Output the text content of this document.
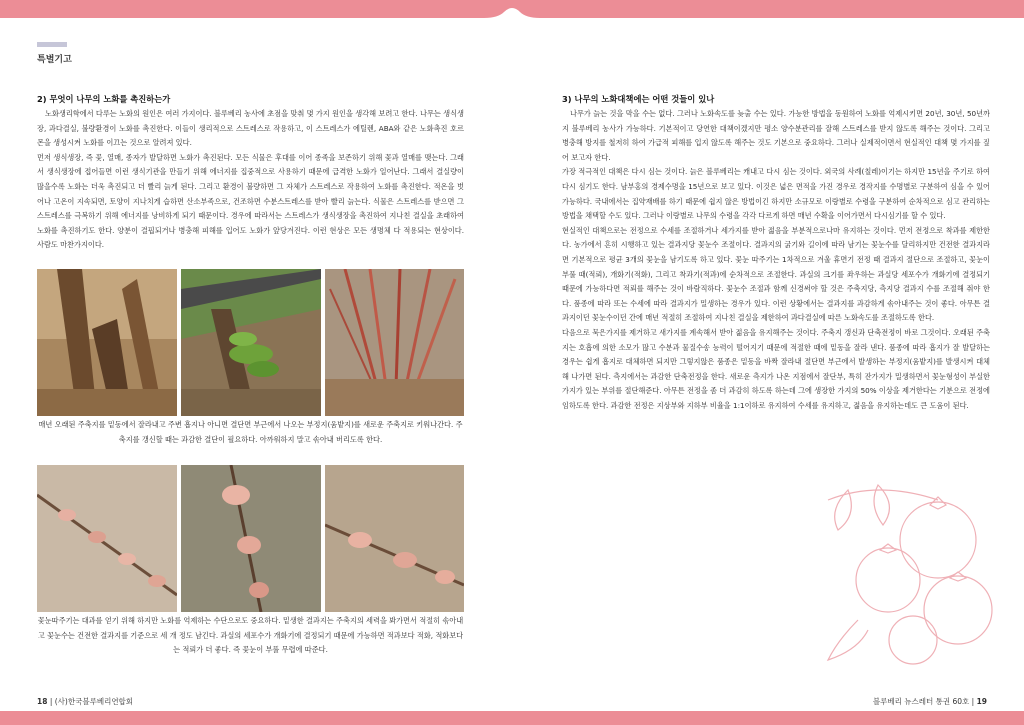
특별기고
2) 무엇이 나무의 노화를 촉진하는가

노화생리학에서 다루는 노화의 원인은 여러 가지이다. 블루베리 농사에 초점을 맞춰 몇 가지 원인을 생각해 보려고 한다. 나무는 생식생장, 과다결실, 불량환경이 노화를 촉진한다. 이들이 생리적으로 스트레스로 작용하고, 이 스트레스가 에틸렌, ABA와 같은 노화촉진 호르몬을 생성시켜 노화를 이끄는 것으로 알려져 있다.

먼저 생식생장, 즉 꽃, 열매, 종자가 발달하면 노화가 촉진된다. 모든 식물은 후대를 이어 종족을 보존하기 위해 꽃과 열매를 맺는다. 그래서 생식생장에 접어들면 이런 생식기관을 만들기 위해 에너지를 집중적으로 사용하기 때문에 급격한 노화가 일어난다. 그래서 결실량이 많을수록 노화는 더욱 촉진되고 더 빨리 늙게 된다. 그리고 환경이 불량하면 그 자체가 스트레스로 작용하여 노화를 촉진한다. 적온을 벗어나 고온이 지속되면, 토양이 지나치게 습하면 산소부족으로, 건조하면 수분스트레스를 받아 빨리 늙는다. 식물은 스트레스를 받으면 그 스트레스를 극복하기 위해 에너지를 낭비하게 되기 때문이다. 경우에 따라서는 스트레스가 생식생장을 촉진하여 지나친 결실을 초래하여 노화를 촉진하기도 한다. 양분이 결핍되거나 병충해 피해를 입어도 노화가 앞당겨진다. 이런 현상은 모든 생명체 다 적용되는 현상이다. 사람도 마찬가지이다.

매년 오래된 주축지를 밑동에서 잘라내고 주변 흡지나 아니면 결단면 부근에서 나오는 부정지(움밭지)를 새로운 주축지로 키워나간다. 주축지를 갱신할 때는 과감한 결단이 필요하다. 아까워하지 말고 솎아내 버리도록 한다.
꽃눈따주기는 대과를 얻기 위해 하지만 노화를 억제하는 수단으로도 중요하다. 밑생한 결과지는 주축지의 세력을 봐가면서 적절히 솎아내고 꽃눈수는 건전한 결과지를 기준으로 세 개 정도 남긴다. 과실의 세포수가 개화기에 결정되기 때문에 가능하면 적과보다 적화, 적화보다는 적뢰가 더 좋다. 즉 꽃눈이 부풀 무렵에 따준다.
3) 나무의 노화대책에는 어떤 것들이 있나

나무가 늙는 것을 막을 수는 없다. 그러나 노화속도를 늦출 수는 있다. 가능한 방법을 동원하여 노화를 억제시키면 20년, 30년, 50년까지 블루베리 농사가 가능하다. 기본적이고 당연한 대책이겠지만 평소 양수분관리를 잘해 스트레스를 받지 않도록 해주는 것이다. 그리고 병충해 방지를 철저히 하여 가급적 피해를 입지 않도록 해주는 것도 기본으로 중요하다. 그러나 실제적이면서 현실적인 대책 몇 가지를 짚어 보고자 한다.

가장 적극적인 대책은 다시 심는 것이다. 늙은 블루베리는 캐내고 다시 심는 것이다. 외국의 사례(칠레)이기는 하지만 15년을 주기로 하여 다시 심기도 한다. 남부홍의 경제수명을 15년으로 보고 있다. 이것은 넓은 면적을 가진 경우로 경작지를 수명별로 구분하여 심을 수 있어 가능하다. 국내에서는 집약재배를 하기 때문에 쉽지 않은 방법이긴 하지만 소규모로 이랑별로 수령을 구분하여 순차적으로 심고 관리하는 방법을 채택할 수도 있다. 그러나 이랑별로 나무의 수령을 각각 다르게 하면 매년 수확을 이어가면서 다시심기를 할 수 있다.

현실적인 대책으로는 전정으로 수세를 조절하거나 세가지를 받아 젊음을 부분적으로나마 유지하는 것이다. 먼저 전정으로 착과를 제한한다. 농가에서 흔히 시행하고 있는 결과지당 꽃눈수 조절이다. 결과지의 굵기와 길이에 따라 남기는 꽃눈수를 달리하지만 건전한 결과지라면 기본적으로 평균 3개의 꽃눈을 남기도록 하고 있다. 꽃눈 따주기는 1차적으로 겨울 휴면기 전정 때 결과지 절단으로 조절하고, 꽃눈이 부풀 때(적뢰), 개화기(적화), 그리고 착과기(적과)에 순차적으로 조절한다. 과실의 크기를 좌우하는 과실당 세포수가 개화기에 결정되기 때문에 가능하다면 적뢰를 해주는 것이 바람직하다. 꽃눈수 조절과 함께 신경써야 할 것은 주축지당, 측지당 결과지 수를 조절해 줘야 한다. 품종에 따라 또는 수세에 따라 결과지가 밀생하는 경우가 있다. 이런 상황에서는 결과지를 과감하게 솎아내주는 것이 좋다. 아무튼 결과지이던 꽃눈수이던 간에 매년 적절히 조절하여 지나친 결실을 제한하여 과다결실에 따른 노화속도를 조절하도록 한다.

다음으로 묵은가지를 제거하고 새가지를 계속해서 받아 젊음을 유지해주는 것이다. 주축지 갱신과 단축전정이 바로 그것이다. 오래된 주축지는 호흡에 의한 소모가 많고 수분과 물질수송 능력이 떨어지기 때문에 적절한 때에 밑동을 잘라 낸다. 품종에 따라 흡지가 잘 발달하는 경우는 쉽게 흡지로 대체하면 되지만 그렇지않은 품종은 밑동을 바짝 잘라내 절단면 부근에서 발생하는 부정지(움밭지)를 발생시켜 대체해 나가면 된다. 측지에서는 과감한 단축전정을 한다. 새로운 측지가 나온 지점에서 잘단부, 특히 잔가지가 밀생하면서 꽃눈형성이 부실한 가지가 있는 부위를 절단해준다. 아무튼 전정을 좀 더 과감히 하도록 하는데 그에 생장한 가지의 50% 이상을 제거한다는 기분으로 전정에 임하도록 한다. 과감한 전정은 지상부와 지하부 비율을 1:1이하로 유지하여 수세를 유지하고, 젊음을 유지하는데도 큰 도움이 된다.

18 | (사)한국블루베리연합회	블루베리 뉴스레터 통권 60호 | 19
